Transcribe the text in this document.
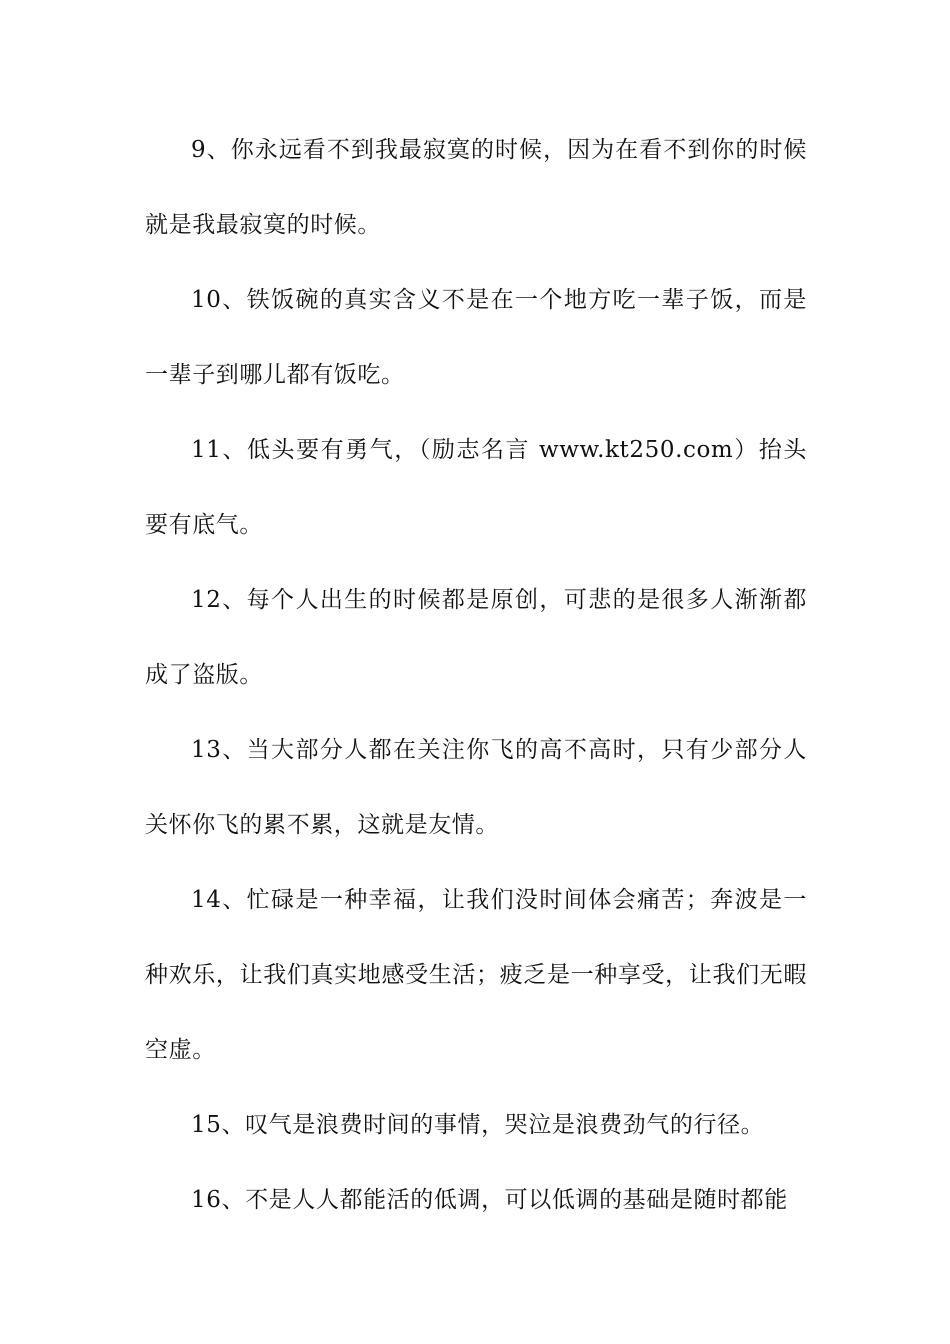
9、你永远看不到我最寂寞的时候，因为在看不到你的时候就是我最寂寞的时候。

10、铁饭碗的真实含义不是在一个地方吃一辈子饭，而是一辈子到哪儿都有饭吃。

11、低头要有勇气，（励志名言 www.kt250.com）抬头要有底气。

12、每个人出生的时候都是原创，可悲的是很多人渐渐都成了盗版。

13、当大部分人都在关注你飞的高不高时，只有少部分人关怀你飞的累不累，这就是友情。

14、忙碌是一种幸福，让我们没时间体会痛苦；奔波是一种欢乐，让我们真实地感受生活；疲乏是一种享受，让我们无暇空虚。

15、叹气是浪费时间的事情，哭泣是浪费劲气的行径。

16、不是人人都能活的低调，可以低调的基础是随时都能
